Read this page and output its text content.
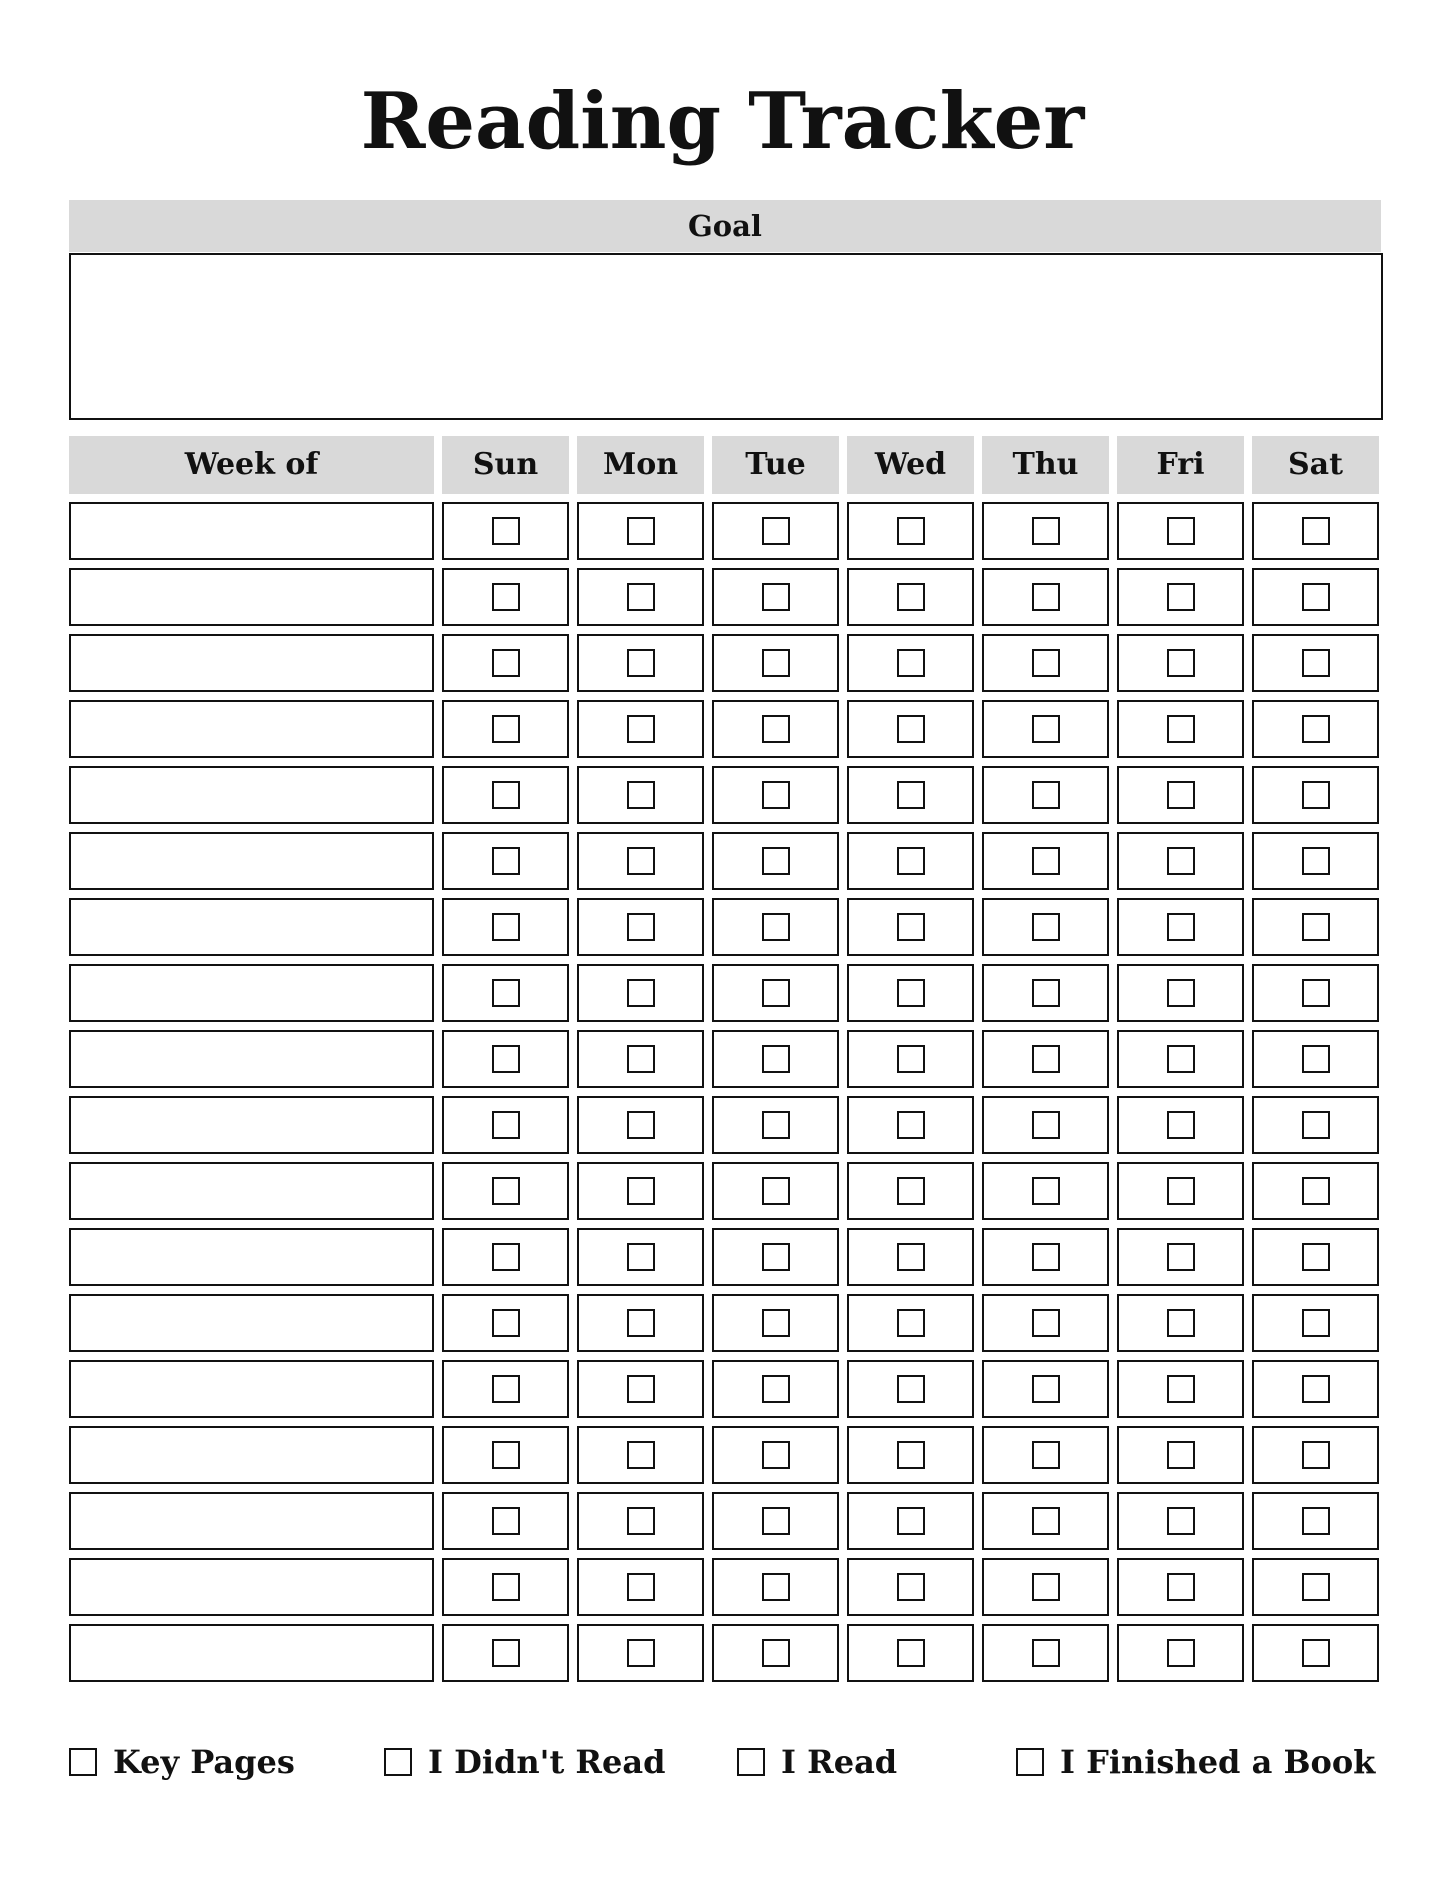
Reading Tracker
Goal
Week of	Sun	Mon	Tue	Wed	Thu	Fri	Sat
Key Pages	I Didn't Read	I Read	I Finished a Book
